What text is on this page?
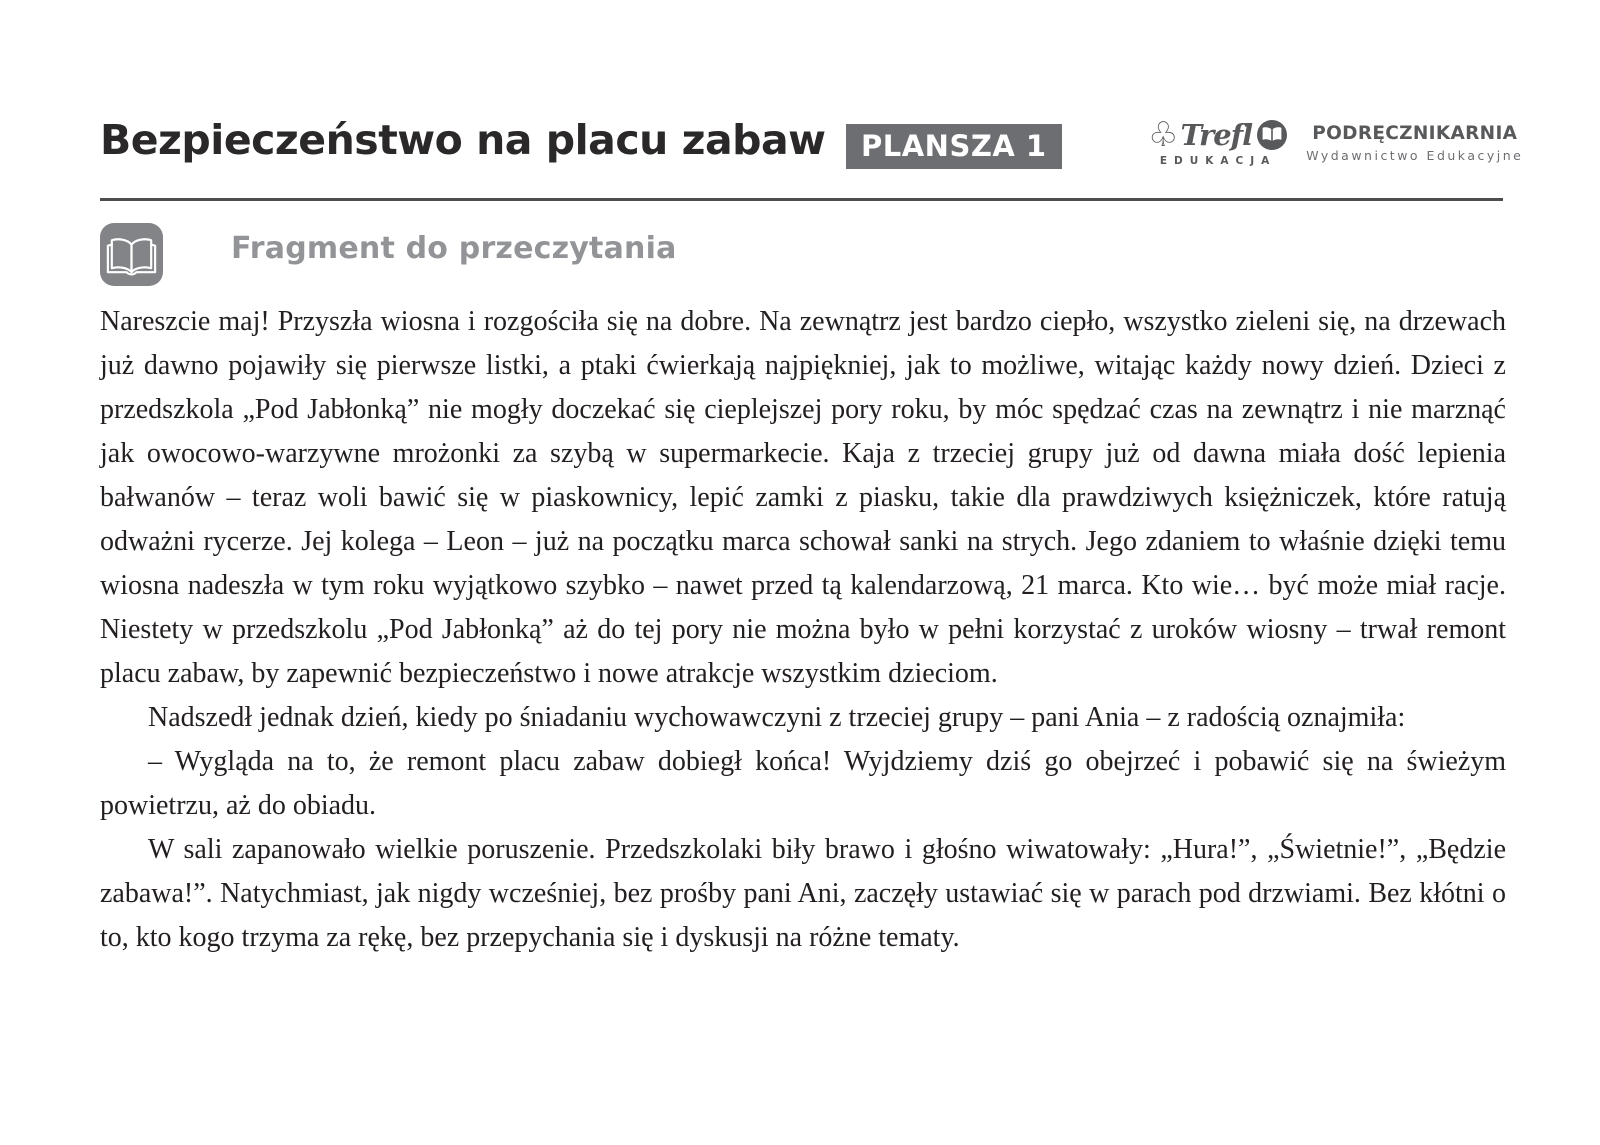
Bezpieczeństwo na placu zabaw	PLANSZA 1	♧ Trefl
EDUKACJA
PODRĘCZNIKARNIA
Wydawnictwo Edukacyjne
Fragment do przeczytania

Nareszcie maj! Przyszła wiosna i rozgościła się na dobre. Na zewnątrz jest bardzo ciepło, wszystko zieleni się, na drzewach już dawno pojawiły się pierwsze listki, a ptaki ćwierkają najpiękniej, jak to możliwe, witając każdy nowy dzień. Dzieci z przedszkola „Pod Jabłonką” nie mogły doczekać się cieplejszej pory roku, by móc spędzać czas na zewnątrz i nie marznąć jak owocowo-warzywne mrożonki za szybą w supermarkecie. Kaja z trzeciej grupy już od dawna miała dość lepienia bałwanów – teraz woli bawić się w piaskownicy, lepić zamki z piasku, takie dla prawdziwych księżniczek, które ratują odważni rycerze. Jej kolega – Leon – już na początku marca schował sanki na strych. Jego zdaniem to właśnie dzięki temu wiosna nadeszła w tym roku wyjątkowo szybko – nawet przed tą kalendarzową, 21 marca. Kto wie… być może miał racje. Niestety w przedszkolu „Pod Jabłonką” aż do tej pory nie można było w pełni korzystać z uroków wiosny – trwał remont placu zabaw, by zapewnić bezpieczeństwo i nowe atrakcje wszystkim dzieciom.

Nadszedł jednak dzień, kiedy po śniadaniu wychowawczyni z trzeciej grupy – pani Ania – z radością oznajmiła:

– Wygląda na to, że remont placu zabaw dobiegł końca! Wyjdziemy dziś go obejrzeć i pobawić się na świeżym powietrzu, aż do obiadu.

W sali zapanowało wielkie poruszenie. Przedszkolaki biły brawo i głośno wiwatowały: „Hura!”, „Świetnie!”, „Będzie zabawa!”. Natychmiast, jak nigdy wcześniej, bez prośby pani Ani, zaczęły ustawiać się w parach pod drzwiami. Bez kłótni o to, kto kogo trzyma za rękę, bez przepychania się i dyskusji na różne tematy.
